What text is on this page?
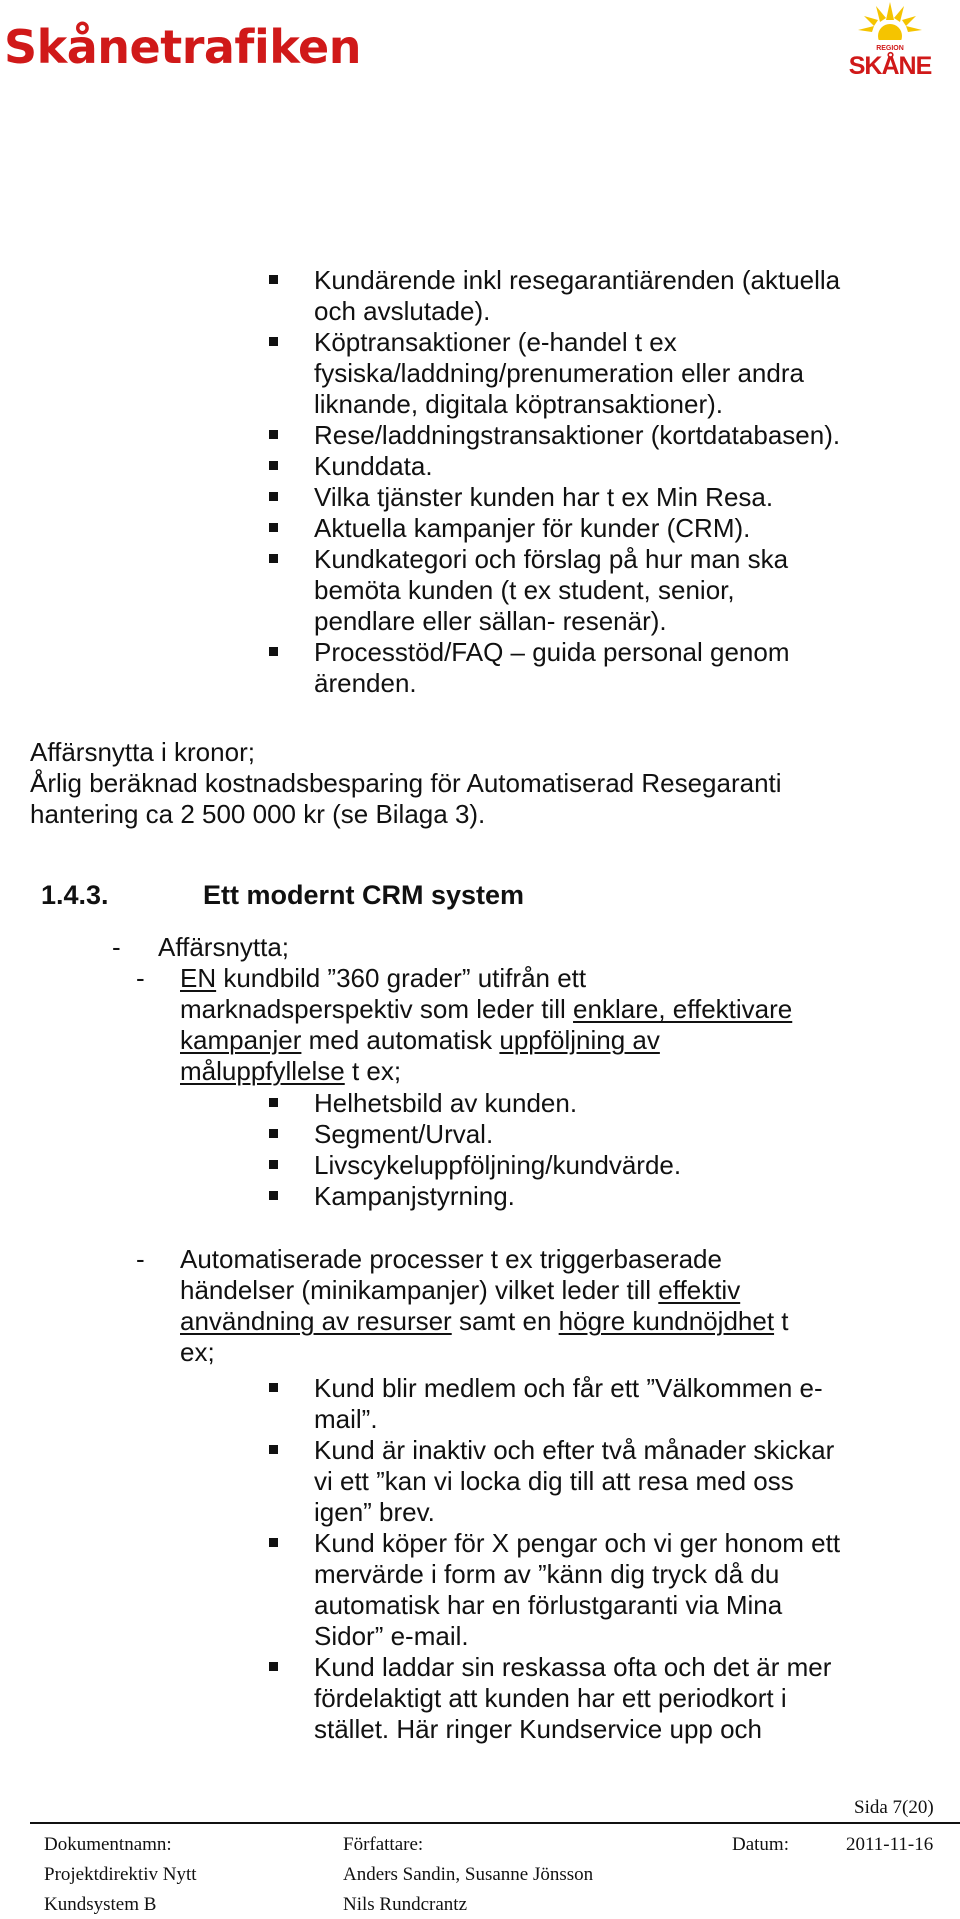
Skånetrafiken	REGION
SKÅNE
Kundärende inkl resegarantiärenden (aktuella
och avslutade).
Köptransaktioner (e-handel t ex
fysiska/laddning/prenumeration eller andra
liknande, digitala köptransaktioner).
Rese/laddningstransaktioner (kortdatabasen).
Kunddata.
Vilka tjänster kunden har t ex Min Resa.
Aktuella kampanjer för kunder (CRM).
Kundkategori och förslag på hur man ska
bemöta kunden (t ex student, senior,
pendlare eller sällan- resenär).
Processtöd/FAQ – guida personal genom
ärenden.
Affärsnytta i kronor;
Årlig beräknad kostnadsbesparing för Automatiserad Resegaranti
hantering ca 2 500 000 kr (se Bilaga 3).
1.4.3.	Ett modernt CRM system
- Affärsnytta;
- EN kundbild ”360 grader” utifrån ett
marknadsperspektiv som leder till enklare, effektivare
kampanjer med automatisk uppföljning av
måluppfyllelse t ex;
Helhetsbild av kunden.
Segment/Urval.
Livscykeluppföljning/kundvärde.
Kampanjstyrning.
- Automatiserade processer t ex triggerbaserade
händelser (minikampanjer) vilket leder till effektiv
användning av resurser samt en högre kundnöjdhet t
ex;
Kund blir medlem och får ett ”Välkommen e-
mail”.
Kund är inaktiv och efter två månader skickar
vi ett ”kan vi locka dig till att resa med oss
igen” brev.
Kund köper för X pengar och vi ger honom ett
mervärde i form av ”känn dig tryck då du
automatisk har en förlustgaranti via Mina
Sidor” e-mail.
Kund laddar sin reskassa ofta och det är mer
fördelaktigt att kunden har ett periodkort i
stället. Här ringer Kundservice upp och
Sida 7(20)
Dokumentnamn:
Projektdirektiv Nytt
Kundsystem B
Författare:
Anders Sandin, Susanne Jönsson
Nils Rundcrantz
Datum:	2011-11-16
